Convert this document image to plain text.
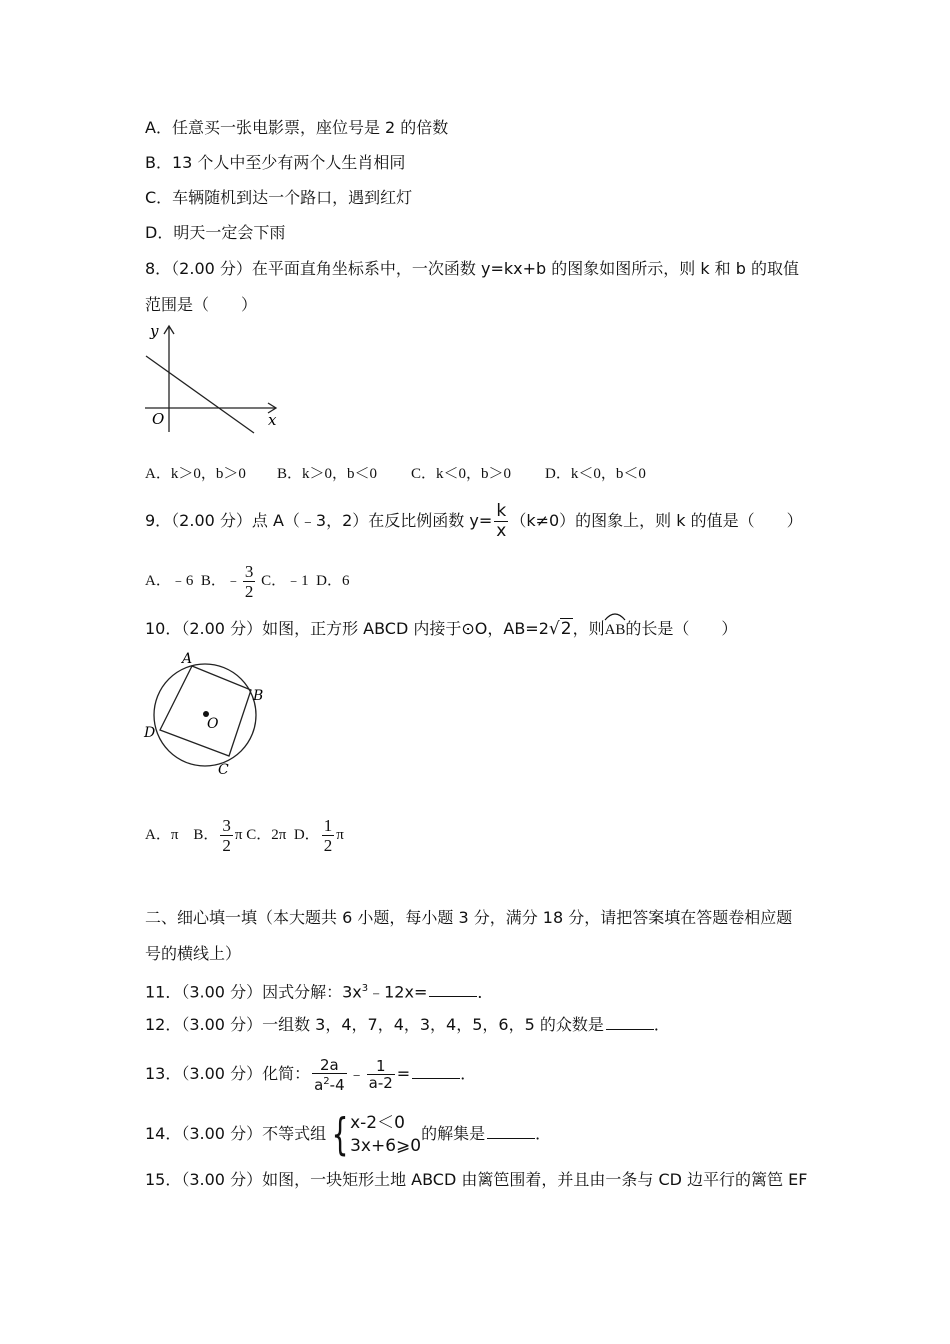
A．任意买一张电影票，座位号是 2 的倍数
B．13 个人中至少有两个人生肖相同
C．车辆随机到达一个路口，遇到红灯
D．明天一定会下雨
8．（2.00 分）在平面直角坐标系中，一次函数 y=kx+b 的图象如图所示，则 k 和 b 的取值
范围是（　　）
y
x
O
A．k＞0，b＞0 B．k＞0，b＜0 C．k＜0，b＞0 D．k＜0，b＜0
9．（2.00 分）点 A（﹣3，2）在反比例函数 $y= \frac{k}{x} (k\ne 0)$的图象上，则 k 的值是（　　）
A．﹣6 B．﹣ $\frac{3}{2}$ C．﹣1 D．6
10．（2.00 分）如图，正方形 ABCD 内接于⊙O，AB=2√2，则
AB的长是（　　）
A
B
C
D
O
A．π B． $\frac{3}{2}$ π C．2π D． $\frac{1}{2}$ π
二、细心填一填（本大题共 6 小题，每小题 3 分，满分 18 分，请把答案填在答题卷相应题
号的横线上）
11．（3.00 分）因式分解：$3x^3﹣12x=$	．
12．（3.00 分）一组数 3，4，7，4，3，4，5，6，5 的众数是	．
13．（3.00 分）化简： $\frac{2a}{a^2-4}$ ﹣ $\frac{1}{a-2}$ =	．
14．（3.00 分）不等式组 { x-2＜0
3x+6⩾0
的解集是	．
15．（3.00 分）如图，一块矩形土地 ABCD 由篱笆围着，并且由一条与 CD 边平行的篱笆 EF
